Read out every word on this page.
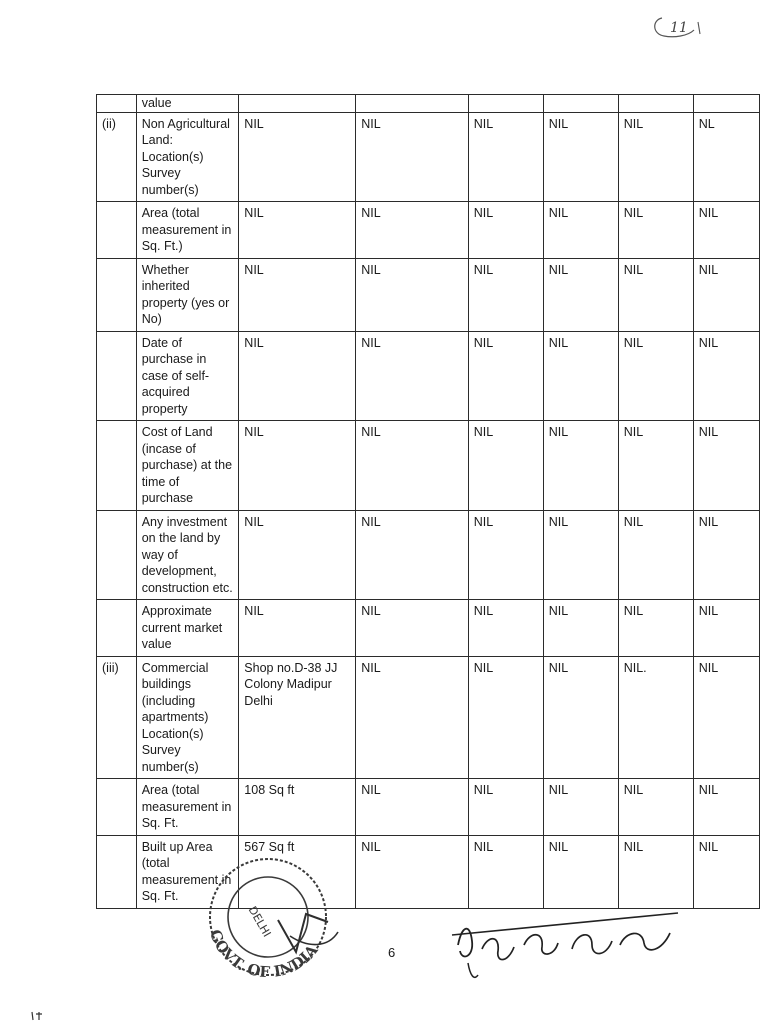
11
	value						
(ii)	Non Agricultural Land: Location(s) Survey number(s)	NIL	NIL	NIL	NIL	NIL	NL
	Area (total measurement in Sq. Ft.)	NIL	NIL	NIL	NIL	NIL	NIL
	Whether inherited property (yes or No)	NIL	NIL	NIL	NIL	NIL	NIL
	Date of purchase in case of self-acquired property	NIL	NIL	NIL	NIL	NIL	NIL
	Cost of Land (incase of purchase) at the time of purchase	NIL	NIL	NIL	NIL	NIL	NIL
	Any investment on the land by way of development, construction etc.	NIL	NIL	NIL	NIL	NIL	NIL
	Approximate current market value	NIL	NIL	NIL	NIL	NIL	NIL
(iii)	Commercial buildings (including apartments) Location(s) Survey number(s)	Shop no.D-38 JJ Colony Madipur Delhi	NIL	NIL	NIL	NIL.	NIL
	Area (total measurement in Sq. Ft.	108 Sq ft	NIL	NIL	NIL	NIL	NIL
	Built up Area (total measurement in Sq. Ft.	567 Sq ft	NIL	NIL	NIL	NIL	NIL
GOVT. OF INDIA
DELHI
6
